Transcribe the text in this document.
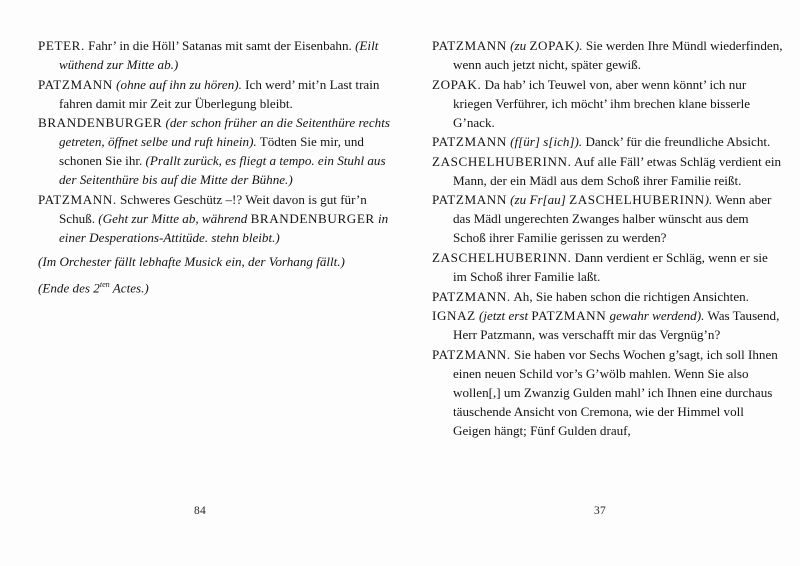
PETER. Fahr’ in die Höll’ Satanas mit samt der Eisenbahn. (Eilt wüthend zur Mitte ab.)

PATZMANN (ohne auf ihn zu hören). Ich werd’ mit’n Last train fahren damit mir Zeit zur Überlegung bleibt.

BRANDENBURGER (der schon früher an die Seitenthüre rechts getreten, öffnet selbe und ruft hinein). Tödten Sie mir, und schonen Sie ihr. (Prallt zurück, es fliegt a tempo. ein Stuhl aus der Seitenthüre bis auf die Mitte der Bühne.)

PATZMANN. Schweres Geschütz –!? Weit davon is gut für’n Schuß. (Geht zur Mitte ab, während BRANDENBURGER in einer Desperations-Attitüde. stehn bleibt.)

(Im Orchester fällt lebhafte Musick ein, der Vorhang fällt.)

(Ende des $2^{ten}$ Actes.)

84

PATZMANN (zu ZOPAK). Sie werden Ihre Mündl wiederfinden, wenn auch jetzt nicht, später gewiß.

ZOPAK. Da hab’ ich Teuwel von, aber wenn könnt’ ich nur kriegen Verführer, ich möcht’ ihm brechen klane bisserle G’nack.

PATZMANN (f[ür] s[ich]). Danck’ für die freundliche Absicht.

ZASCHELHUBERINN. Auf alle Fäll’ etwas Schläg verdient ein Mann, der ein Mädl aus dem Schoß ihrer Familie reißt.

PATZMANN (zu Fr[au] ZASCHELHUBERINN). Wenn aber das Mädl ungerechten Zwanges halber wünscht aus dem Schoß ihrer Familie gerissen zu werden?

ZASCHELHUBERINN. Dann verdient er Schläg, wenn er sie im Schoß ihrer Familie laßt.

PATZMANN. Ah, Sie haben schon die richtigen Ansichten.

IGNAZ (jetzt erst PATZMANN gewahr werdend). Was Tausend, Herr Patzmann, was verschafft mir das Vergnüg’n?

PATZMANN. Sie haben vor Sechs Wochen g’sagt, ich soll Ihnen einen neuen Schild vor’s G’wölb mahlen. Wenn Sie also wollen[,] um Zwanzig Gulden mahl’ ich Ihnen eine durchaus täuschende Ansicht von Cremona, wie der Himmel voll Geigen hängt; Fünf Gulden drauf,

37
